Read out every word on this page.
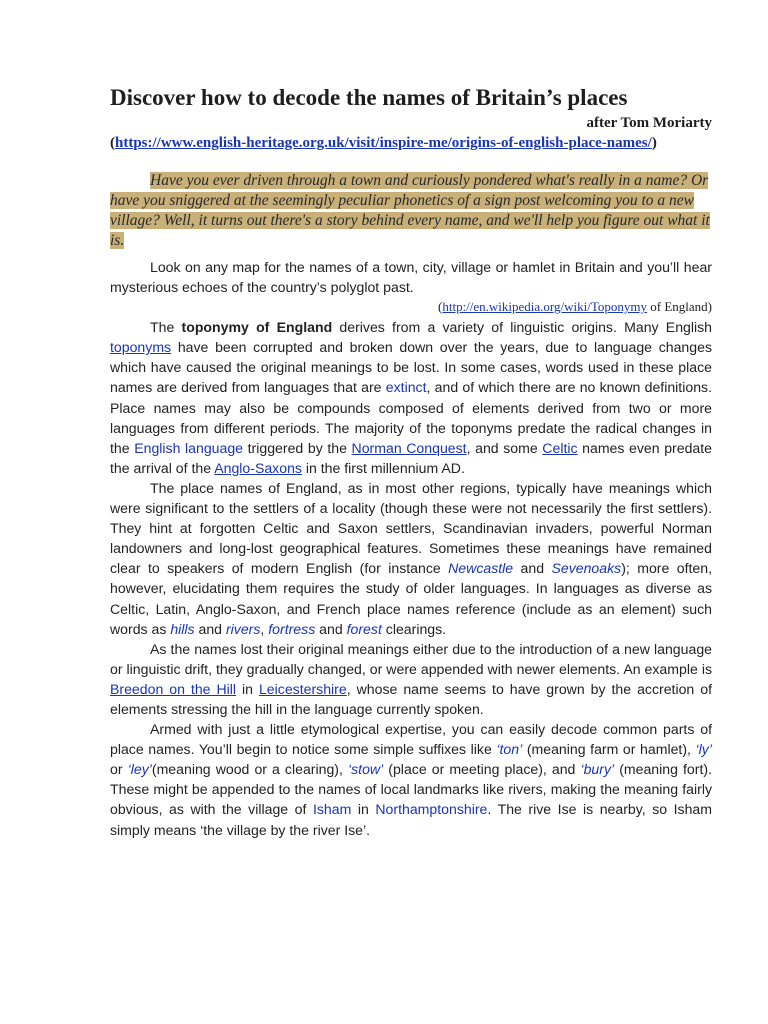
Discover how to decode the names of Britain’s places

after Tom Moriarty

(https://www.english-heritage.org.uk/visit/inspire-me/origins-of-english-place-names/)

Have you ever driven through a town and curiously pondered what's really in a name? Or have you sniggered at the seemingly peculiar phonetics of a sign post welcoming you to a new village? Well, it turns out there's a story behind every name, and we'll help you figure out what it is.

Look on any map for the names of a town, city, village or hamlet in Britain and you’ll hear mysterious echoes of the country’s polyglot past.

(http://en.wikipedia.org/wiki/Toponymy of England)

The toponymy of England derives from a variety of linguistic origins. Many English toponyms have been corrupted and broken down over the years, due to language changes which have caused the original meanings to be lost. In some cases, words used in these place names are derived from languages that are extinct, and of which there are no known definitions. Place names may also be compounds composed of elements derived from two or more languages from different periods. The majority of the toponyms predate the radical changes in the English language triggered by the Norman Conquest, and some Celtic names even predate the arrival of the Anglo-Saxons in the first millennium AD.

The place names of England, as in most other regions, typically have meanings which were significant to the settlers of a locality (though these were not necessarily the first settlers). They hint at forgotten Celtic and Saxon settlers, Scandinavian invaders, powerful Norman landowners and long-lost geographical features. Sometimes these meanings have remained clear to speakers of modern English (for instance Newcastle and Sevenoaks); more often, however, elucidating them requires the study of older languages. In languages as diverse as Celtic, Latin, Anglo-Saxon, and French place names reference (include as an element) such words as hills and rivers, fortress and forest clearings.

As the names lost their original meanings either due to the introduction of a new language or linguistic drift, they gradually changed, or were appended with newer elements. An example is Breedon on the Hill in Leicestershire, whose name seems to have grown by the accretion of elements stressing the hill in the language currently spoken.

Armed with just a little etymological expertise, you can easily decode common parts of place names. You’ll begin to notice some simple suffixes like ‘ton’ (meaning farm or hamlet), ‘ly’ or ‘ley’(meaning wood or a clearing), ‘stow’ (place or meeting place), and ‘bury’ (meaning fort). These might be appended to the names of local landmarks like rivers, making the meaning fairly obvious, as with the village of Isham in Northamptonshire. The rive Ise is nearby, so Isham simply means ‘the village by the river Ise’.
